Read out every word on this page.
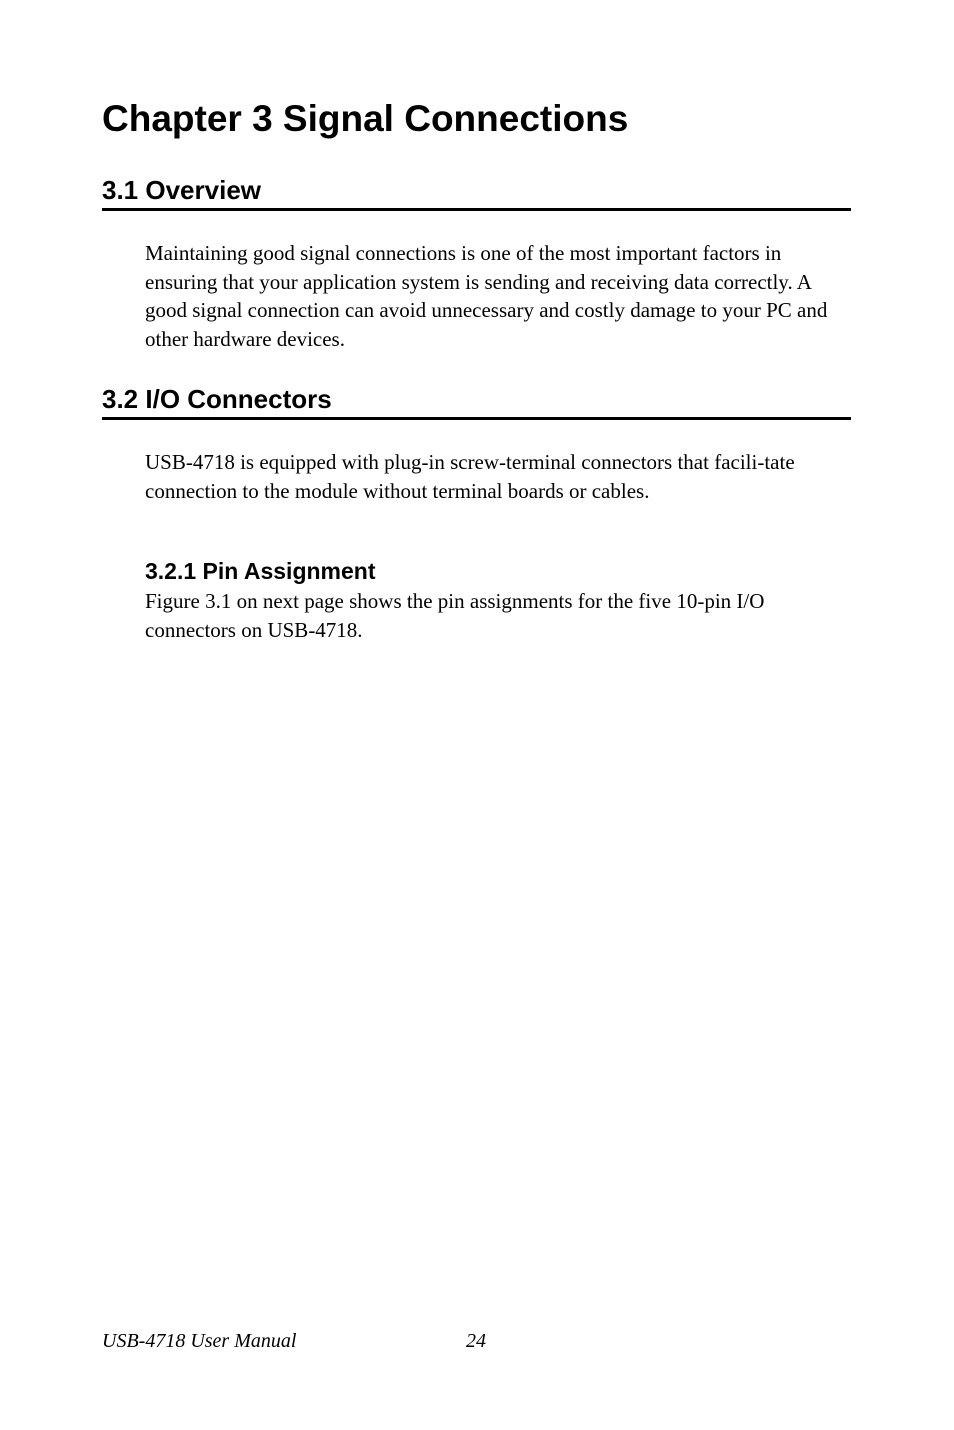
Chapter 3 Signal Connections
3.1 Overview

Maintaining good signal connections is one of the most important factors in ensuring that your application system is sending and receiving data correctly. A good signal connection can avoid unnecessary and costly damage to your PC and other hardware devices.

3.2 I/O Connectors

USB-4718 is equipped with plug-in screw-terminal connectors that facili-tate connection to the module without terminal boards or cables.

3.2.1 Pin Assignment

Figure 3.1 on next page shows the pin assignments for the five 10-pin I/O connectors on USB-4718.

USB-4718 User Manual	24
